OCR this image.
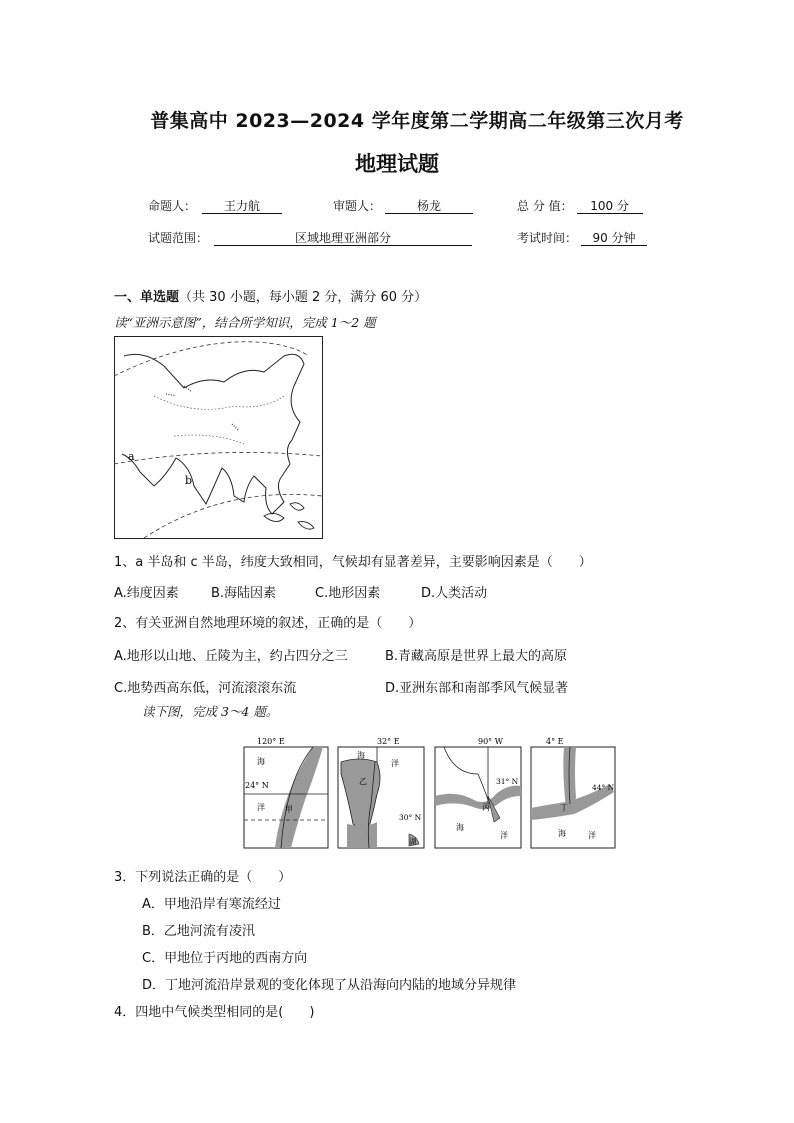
普集高中 2023—2024 学年度第二学期高二年级第三次月考
地理试题
命题人： 王力航	审题人：	杨龙	总 分 值： 100 分
试题范围：	区域地理亚洲部分	考试时间： 90 分钟
一、单选题（共 30 小题，每小题 2 分，满分 60 分）
读“亚洲示意图”，结合所学知识，完成 1～2 题
a
b
1、a 半岛和 c 半岛，纬度大致相同，气候却有显著差异，主要影响因素是（　　）
A.纬度因素 B.海陆因素	C.地形因素	D.人类活动
2、有关亚洲自然地理环境的叙述，正确的是（　　）
A.地形以山地、丘陵为主，约占四分之三	B.青藏高原是世界上最大的高原
C.地势西高东低，河流滚滚东流	D.亚洲东部和南部季风气候显著
读下图，完成 3～4 题。
120° E
海
24° N
洋	甲
32° E
海
洋
乙
30° N
湖
90° W
31° N
丙
海
洋
4° E
44° N
丁
海	洋
3．下列说法正确的是（　　）
A．甲地沿岸有寒流经过
B．乙地河流有凌汛
C．甲地位于丙地的西南方向
D．丁地河流沿岸景观的变化体现了从沿海向内陆的地域分异规律
4．四地中气候类型相同的是(　　)
